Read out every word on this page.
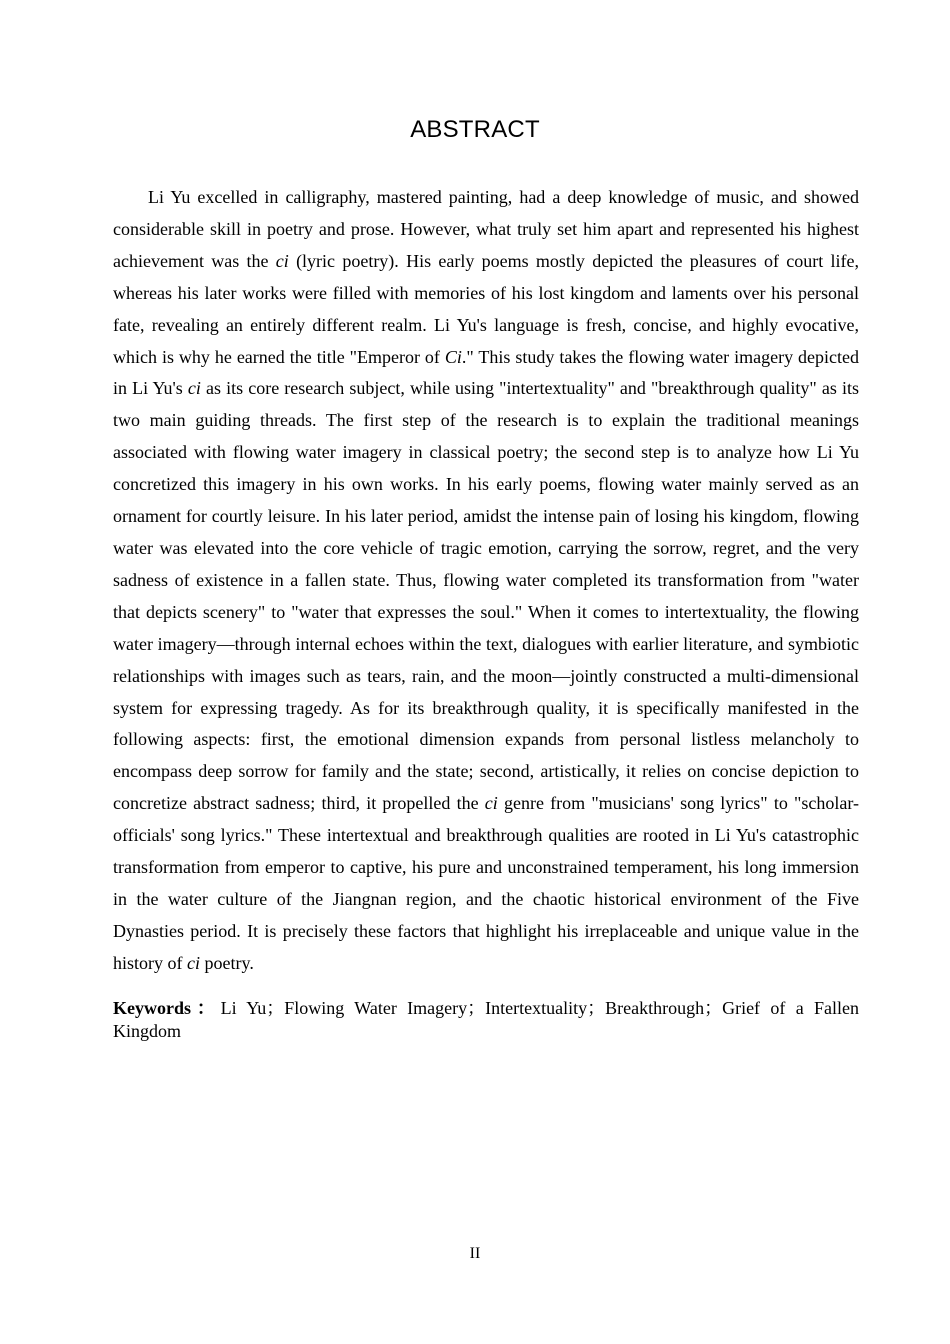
ABSTRACT

Li Yu excelled in calligraphy, mastered painting, had a deep knowledge of music, and showed considerable skill in poetry and prose. However, what truly set him apart and represented his highest achievement was the ci (lyric poetry). His early poems mostly depicted the pleasures of court life, whereas his later works were filled with memories of his lost kingdom and laments over his personal fate, revealing an entirely different realm. Li Yu's language is fresh, concise, and highly evocative, which is why he earned the title "Emperor of Ci." This study takes the flowing water imagery depicted in Li Yu's ci as its core research subject, while using "intertextuality" and "breakthrough quality" as its two main guiding threads. The first step of the research is to explain the traditional meanings associated with flowing water imagery in classical poetry; the second step is to analyze how Li Yu concretized this imagery in his own works. In his early poems, flowing water mainly served as an ornament for courtly leisure. In his later period, amidst the intense pain of losing his kingdom, flowing water was elevated into the core vehicle of tragic emotion, carrying the sorrow, regret, and the very sadness of existence in a fallen state. Thus, flowing water completed its transformation from "water that depicts scenery" to "water that expresses the soul." When it comes to intertextuality, the flowing water imagery—through internal echoes within the text, dialogues with earlier literature, and symbiotic relationships with images such as tears, rain, and the moon—jointly constructed a multi-dimensional system for expressing tragedy. As for its breakthrough quality, it is specifically manifested in the following aspects: first, the emotional dimension expands from personal listless melancholy to encompass deep sorrow for family and the state; second, artistically, it relies on concise depiction to concretize abstract sadness; third, it propelled the ci genre from "musicians' song lyrics" to "scholar-officials' song lyrics." These intertextual and breakthrough qualities are rooted in Li Yu's catastrophic transformation from emperor to captive, his pure and unconstrained temperament, his long immersion in the water culture of the Jiangnan region, and the chaotic historical environment of the Five Dynasties period. It is precisely these factors that highlight his irreplaceable and unique value in the history of ci poetry.

Keywords：Li Yu；Flowing Water Imagery；Intertextuality；Breakthrough；Grief of a Fallen Kingdom

II
